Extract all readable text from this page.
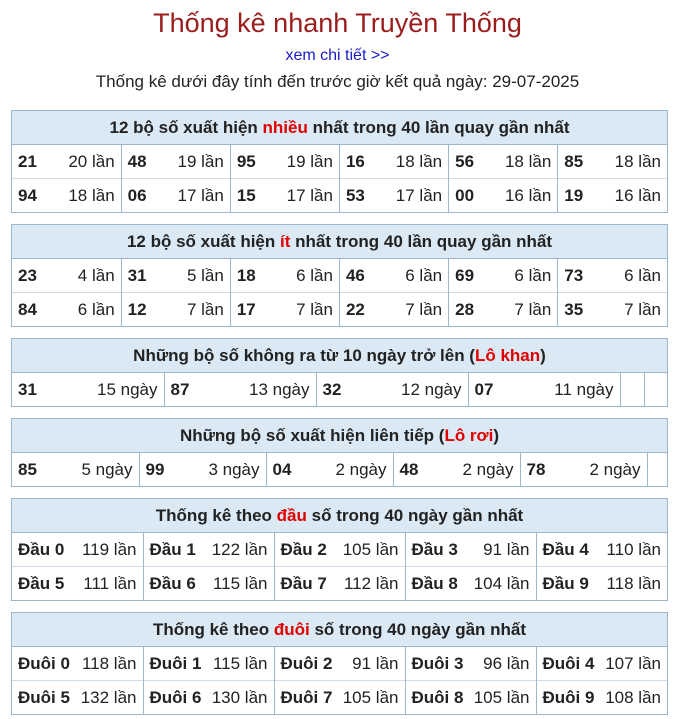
Thống kê nhanh Truyền Thống
xem chi tiết >>
Thống kê dưới đây tính đến trước giờ kết quả ngày: 29-07-2025
12 bộ số xuất hiện nhiều nhất trong 40 lần quay gần nhất
21 20 lần	48 19 lần	95 19 lần	16 18 lần	56 18 lần	85 18 lần

94 18 lần	06 17 lần	15 17 lần	53 17 lần	00 16 lần	19 16 lần
12 bộ số xuất hiện ít nhất trong 40 lần quay gần nhất
23 4 lần	31 5 lần	18 6 lần	46 6 lần	69 6 lần	73 6 lần

84 6 lần	12 7 lần	17 7 lần	22 7 lần	28 7 lần	35 7 lần
Những bộ số không ra từ 10 ngày trở lên (Lô khan)
31	15 ngày	87	13 ngày	32	12 ngày	07	11 ngày

Những bộ số xuất hiện liên tiếp (Lô rơi)
85	5 ngày	99	3 ngày	04	2 ngày	48	2 ngày	78	2 ngày

Thống kê theo đầu số trong 40 ngày gần nhất
Đầu 0 119 lần	Đầu 1 122 lần	Đầu 2 105 lần	Đầu 3 91 lần	Đầu 4 110 lần

Đầu 5 111 lần	Đầu 6 115 lần	Đầu 7 112 lần	Đầu 8 104 lần	Đầu 9 118 lần
Thống kê theo đuôi số trong 40 ngày gần nhất
Đuôi 0 118 lần	Đuôi 1 115 lần	Đuôi 2 91 lần	Đuôi 3 96 lần	Đuôi 4 107 lần

Đuôi 5 132 lần	Đuôi 6 130 lần	Đuôi 7 105 lần	Đuôi 8 105 lần	Đuôi 9 108 lần
